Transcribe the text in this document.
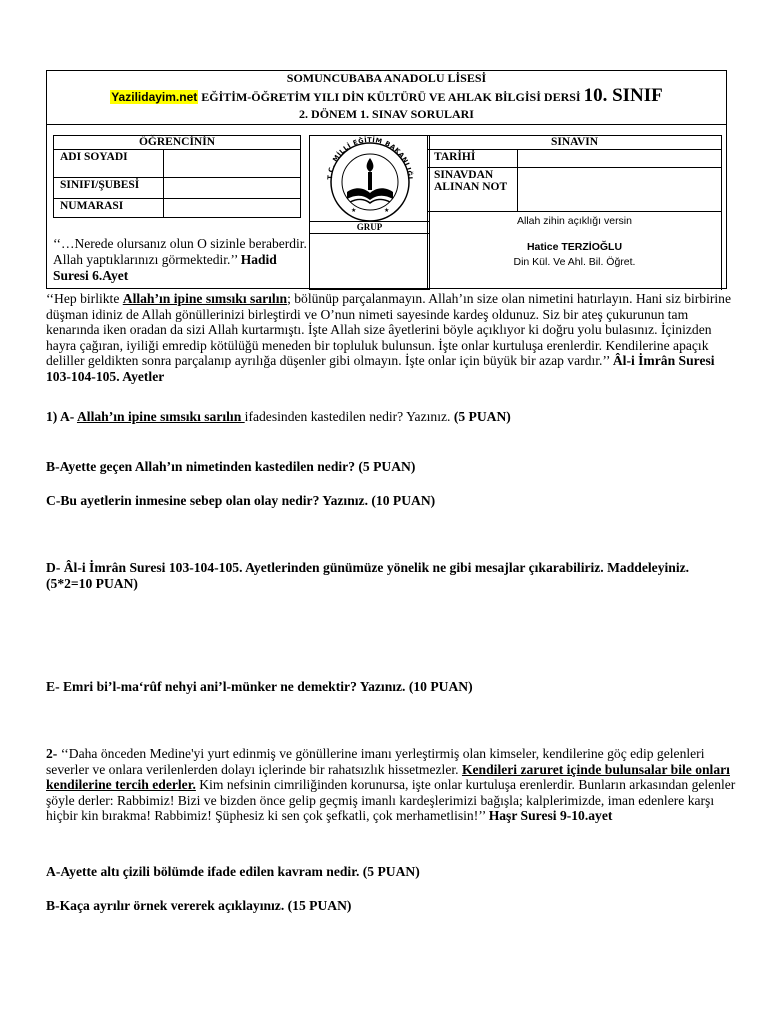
SOMUNCUBABA ANADOLU LİSESİ
Yazilidayim.net EĞİTİM-ÖĞRETİM YILI DİN KÜLTÜRÜ VE AHLAK BİLGİSİ DERSİ 10. SINIF
2. DÖNEM 1. SINAV SORULARI
ÖĞRENCİNİN	
ADI SOYADI	
SINIFI/ŞUBESİ	
NUMARASI	
‘‘…Nerede olursanız olun O sizinle beraberdir. Allah yaptıklarınızı görmektedir.’’ Hadid Suresi 6.Ayet
T.C. MİLLİ EĞİTİM BAKANLIĞI
★	★
GRUP
SINAVIN	
TARİHİ	
SINAVDAN ALINAN NOT	
Allah zihin açıklığı versin
Hatice TERZİOĞLU
Din Kül. Ve Ahl. Bil. Öğret.
‘‘Hep birlikte Allah’ın ipine sımsıkı sarılın; bölünüp parçalanmayın. Allah’ın size olan nimetini hatırlayın. Hani siz birbirine düşman idiniz de Allah gönüllerinizi birleştirdi ve O’nun nimeti sayesinde kardeş oldunuz. Siz bir ateş çukurunun tam kenarında iken oradan da sizi Allah kurtarmıştı. İşte Allah size âyetlerini böyle açıklıyor ki doğru yolu bulasınız. İçinizden hayra çağıran, iyiliği emredip kötülüğü meneden bir topluluk bulunsun. İşte onlar kurtuluşa erenlerdir. Kendilerine apaçık deliller geldikten sonra parçalanıp ayrılığa düşenler gibi olmayın. İşte onlar için büyük bir azap vardır.’’ Âl-i İmrân Suresi 103-104-105. Ayetler
1) A- Allah’ın ipine sımsıkı sarılın ifadesinden kastedilen nedir? Yazınız. (5 PUAN)
B-Ayette geçen Allah’ın nimetinden kastedilen nedir? (5 PUAN)
C-Bu ayetlerin inmesine sebep olan olay nedir? Yazınız. (10 PUAN)
D- Âl-i İmrân Suresi 103-104-105. Ayetlerinden günümüze yönelik ne gibi mesajlar çıkarabiliriz. Maddeleyiniz. (5*2=10 PUAN)
E- Emri bi’l-ma‘rûf nehyi ani’l-münker ne demektir? Yazınız. (10 PUAN)
2- ‘‘Daha önceden Medine'yi yurt edinmiş ve gönüllerine imanı yerleştirmiş olan kimseler, kendilerine göç edip gelenleri severler ve onlara verilenlerden dolayı içlerinde bir rahatsızlık hissetmezler. Kendileri zaruret içinde bulunsalar bile onları kendilerine tercih ederler. Kim nefsinin cimriliğinden korunursa, işte onlar kurtuluşa erenlerdir. Bunların arkasından gelenler şöyle derler: Rabbimiz! Bizi ve bizden önce gelip geçmiş imanlı kardeşlerimizi bağışla; kalplerimizde, iman edenlere karşı hiçbir kin bırakma! Rabbimiz! Şüphesiz ki sen çok şefkatli, çok merhametlisin!’’ Haşr Suresi 9-10.ayet
A-Ayette altı çizili bölümde ifade edilen kavram nedir. (5 PUAN)
B-Kaça ayrılır örnek vererek açıklayınız. (15 PUAN)
